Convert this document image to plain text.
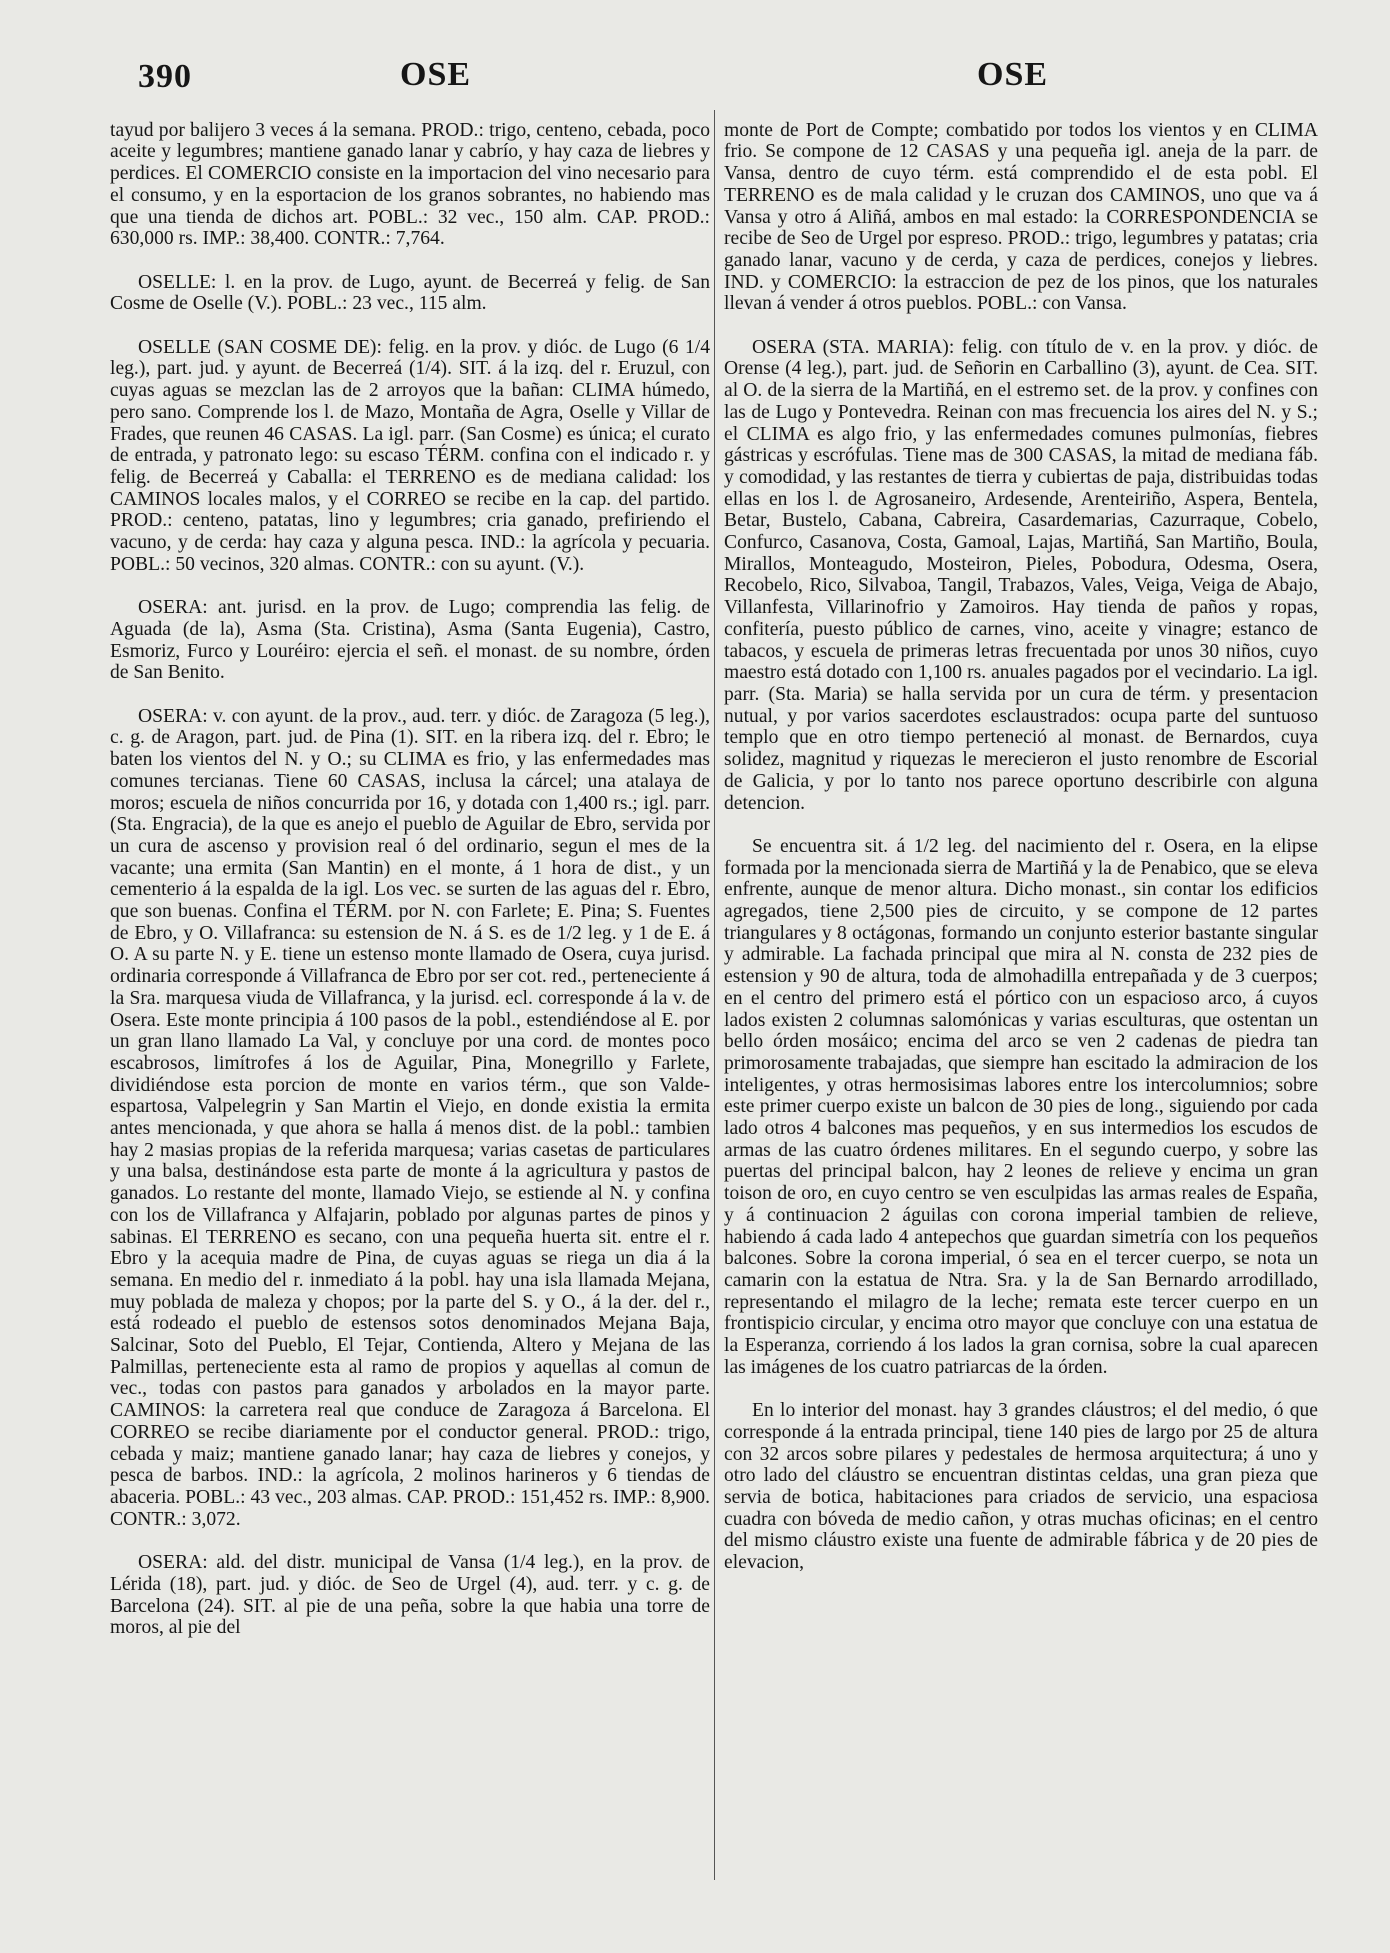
390	OSE	OSE

tayud por balijero 3 veces á la semana. PROD.: trigo, centeno, cebada, poco aceite y legumbres; mantiene ganado lanar y cabrío, y hay caza de liebres y perdices. El COMERCIO consiste en la importacion del vino necesario para el consumo, y en la esportacion de los granos sobrantes, no habiendo mas que una tienda de dichos art. POBL.: 32 vec., 150 alm. CAP. PROD.: 630,000 rs. IMP.: 38,400. CONTR.: 7,764.

OSELLE: l. en la prov. de Lugo, ayunt. de Becerreá y felig. de San Cosme de Oselle (V.). POBL.: 23 vec., 115 alm.

OSELLE (SAN COSME DE): felig. en la prov. y dióc. de Lugo (6 1/4 leg.), part. jud. y ayunt. de Becerreá (1/4). SIT. á la izq. del r. Eruzul, con cuyas aguas se mezclan las de 2 arroyos que la bañan: CLIMA húmedo, pero sano. Comprende los l. de Mazo, Montaña de Agra, Oselle y Villar de Frades, que reunen 46 CASAS. La igl. parr. (San Cosme) es única; el curato de entrada, y patronato lego: su escaso TÉRM. confina con el indicado r. y felig. de Becerreá y Caballa: el TERRENO es de mediana calidad: los CAMINOS locales malos, y el CORREO se recibe en la cap. del partido. PROD.: centeno, patatas, lino y legumbres; cria ganado, prefiriendo el vacuno, y de cerda: hay caza y alguna pesca. IND.: la agrícola y pecuaria. POBL.: 50 vecinos, 320 almas. CONTR.: con su ayunt. (V.).

OSERA: ant. jurisd. en la prov. de Lugo; comprendia las felig. de Aguada (de la), Asma (Sta. Cristina), Asma (Santa Eugenia), Castro, Esmoriz, Furco y Louréiro: ejercia el señ. el monast. de su nombre, órden de San Benito.

OSERA: v. con ayunt. de la prov., aud. terr. y dióc. de Zaragoza (5 leg.), c. g. de Aragon, part. jud. de Pina (1). SIT. en la ribera izq. del r. Ebro; le baten los vientos del N. y O.; su CLIMA es frio, y las enfermedades mas comunes tercianas. Tiene 60 CASAS, inclusa la cárcel; una atalaya de moros; escuela de niños concurrida por 16, y dotada con 1,400 rs.; igl. parr. (Sta. Engracia), de la que es anejo el pueblo de Aguilar de Ebro, servida por un cura de ascenso y provision real ó del ordinario, segun el mes de la vacante; una ermita (San Mantin) en el monte, á 1 hora de dist., y un cementerio á la espalda de la igl. Los vec. se surten de las aguas del r. Ebro, que son buenas. Confina el TÉRM. por N. con Farlete; E. Pina; S. Fuentes de Ebro, y O. Villafranca: su estension de N. á S. es de 1/2 leg. y 1 de E. á O. A su parte N. y E. tiene un estenso monte llamado de Osera, cuya jurisd. ordinaria corresponde á Villafranca de Ebro por ser cot. red., perteneciente á la Sra. marquesa viuda de Villafranca, y la jurisd. ecl. corresponde á la v. de Osera. Este monte principia á 100 pasos de la pobl., estendiéndose al E. por un gran llano llamado La Val, y concluye por una cord. de montes poco escabrosos, limítrofes á los de Aguilar, Pina, Monegrillo y Farlete, dividiéndose esta porcion de monte en varios térm., que son Valde-espartosa, Valpelegrin y San Martin el Viejo, en donde existia la ermita antes mencionada, y que ahora se halla á menos dist. de la pobl.: tambien hay 2 masias propias de la referida marquesa; varias casetas de particulares y una balsa, destinándose esta parte de monte á la agricultura y pastos de ganados. Lo restante del monte, llamado Viejo, se estiende al N. y confina con los de Villafranca y Alfajarin, poblado por algunas partes de pinos y sabinas. El TERRENO es secano, con una pequeña huerta sit. entre el r. Ebro y la acequia madre de Pina, de cuyas aguas se riega un dia á la semana. En medio del r. inmediato á la pobl. hay una isla llamada Mejana, muy poblada de maleza y chopos; por la parte del S. y O., á la der. del r., está rodeado el pueblo de estensos sotos denominados Mejana Baja, Salcinar, Soto del Pueblo, El Tejar, Contienda, Altero y Mejana de las Palmillas, perteneciente esta al ramo de propios y aquellas al comun de vec., todas con pastos para ganados y arbolados en la mayor parte. CAMINOS: la carretera real que conduce de Zaragoza á Barcelona. El CORREO se recibe diariamente por el conductor general. PROD.: trigo, cebada y maiz; mantiene ganado lanar; hay caza de liebres y conejos, y pesca de barbos. IND.: la agrícola, 2 molinos harineros y 6 tiendas de abaceria. POBL.: 43 vec., 203 almas. CAP. PROD.: 151,452 rs. IMP.: 8,900. CONTR.: 3,072.

OSERA: ald. del distr. municipal de Vansa (1/4 leg.), en la prov. de Lérida (18), part. jud. y dióc. de Seo de Urgel (4), aud. terr. y c. g. de Barcelona (24). SIT. al pie de una peña, sobre la que habia una torre de moros, al pie del

monte de Port de Compte; combatido por todos los vientos y en CLIMA frio. Se compone de 12 CASAS y una pequeña igl. aneja de la parr. de Vansa, dentro de cuyo térm. está comprendido el de esta pobl. El TERRENO es de mala calidad y le cruzan dos CAMINOS, uno que va á Vansa y otro á Aliñá, ambos en mal estado: la CORRESPONDENCIA se recibe de Seo de Urgel por espreso. PROD.: trigo, legumbres y patatas; cria ganado lanar, vacuno y de cerda, y caza de perdices, conejos y liebres. IND. y COMERCIO: la estraccion de pez de los pinos, que los naturales llevan á vender á otros pueblos. POBL.: con Vansa.

OSERA (STA. MARIA): felig. con título de v. en la prov. y dióc. de Orense (4 leg.), part. jud. de Señorin en Carballino (3), ayunt. de Cea. SIT. al O. de la sierra de la Martiñá, en el estremo set. de la prov. y confines con las de Lugo y Pontevedra. Reinan con mas frecuencia los aires del N. y S.; el CLIMA es algo frio, y las enfermedades comunes pulmonías, fiebres gástricas y escrófulas. Tiene mas de 300 CASAS, la mitad de mediana fáb. y comodidad, y las restantes de tierra y cubiertas de paja, distribuidas todas ellas en los l. de Agrosaneiro, Ardesende, Arenteiriño, Aspera, Bentela, Betar, Bustelo, Cabana, Cabreira, Casardemarias, Cazurraque, Cobelo, Confurco, Casanova, Costa, Gamoal, Lajas, Martiñá, San Martiño, Boula, Mirallos, Monteagudo, Mosteiron, Pieles, Pobodura, Odesma, Osera, Recobelo, Rico, Silvaboa, Tangil, Trabazos, Vales, Veiga, Veiga de Abajo, Villanfesta, Villarinofrio y Zamoiros. Hay tienda de paños y ropas, confitería, puesto público de carnes, vino, aceite y vinagre; estanco de tabacos, y escuela de primeras letras frecuentada por unos 30 niños, cuyo maestro está dotado con 1,100 rs. anuales pagados por el vecindario. La igl. parr. (Sta. Maria) se halla servida por un cura de térm. y presentacion nutual, y por varios sacerdotes esclaustrados: ocupa parte del suntuoso templo que en otro tiempo perteneció al monast. de Bernardos, cuya solidez, magnitud y riquezas le merecieron el justo renombre de Escorial de Galicia, y por lo tanto nos parece oportuno describirle con alguna detencion.

Se encuentra sit. á 1/2 leg. del nacimiento del r. Osera, en la elipse formada por la mencionada sierra de Martiñá y la de Penabico, que se eleva enfrente, aunque de menor altura. Dicho monast., sin contar los edificios agregados, tiene 2,500 pies de circuito, y se compone de 12 partes triangulares y 8 octágonas, formando un conjunto esterior bastante singular y admirable. La fachada principal que mira al N. consta de 232 pies de estension y 90 de altura, toda de almohadilla entrepañada y de 3 cuerpos; en el centro del primero está el pórtico con un espacioso arco, á cuyos lados existen 2 columnas salomónicas y varias esculturas, que ostentan un bello órden mosáico; encima del arco se ven 2 cadenas de piedra tan primorosamente trabajadas, que siempre han escitado la admiracion de los inteligentes, y otras hermosisimas labores entre los intercolumnios; sobre este primer cuerpo existe un balcon de 30 pies de long., siguiendo por cada lado otros 4 balcones mas pequeños, y en sus intermedios los escudos de armas de las cuatro órdenes militares. En el segundo cuerpo, y sobre las puertas del principal balcon, hay 2 leones de relieve y encima un gran toison de oro, en cuyo centro se ven esculpidas las armas reales de España, y á continuacion 2 águilas con corona imperial tambien de relieve, habiendo á cada lado 4 antepechos que guardan simetría con los pequeños balcones. Sobre la corona imperial, ó sea en el tercer cuerpo, se nota un camarin con la estatua de Ntra. Sra. y la de San Bernardo arrodillado, representando el milagro de la leche; remata este tercer cuerpo en un frontispicio circular, y encima otro mayor que concluye con una estatua de la Esperanza, corriendo á los lados la gran cornisa, sobre la cual aparecen las imágenes de los cuatro patriarcas de la órden.

En lo interior del monast. hay 3 grandes cláustros; el del medio, ó que corresponde á la entrada principal, tiene 140 pies de largo por 25 de altura con 32 arcos sobre pilares y pedestales de hermosa arquitectura; á uno y otro lado del cláustro se encuentran distintas celdas, una gran pieza que servia de botica, habitaciones para criados de servicio, una espaciosa cuadra con bóveda de medio cañon, y otras muchas oficinas; en el centro del mismo cláustro existe una fuente de admirable fábrica y de 20 pies de elevacion,
